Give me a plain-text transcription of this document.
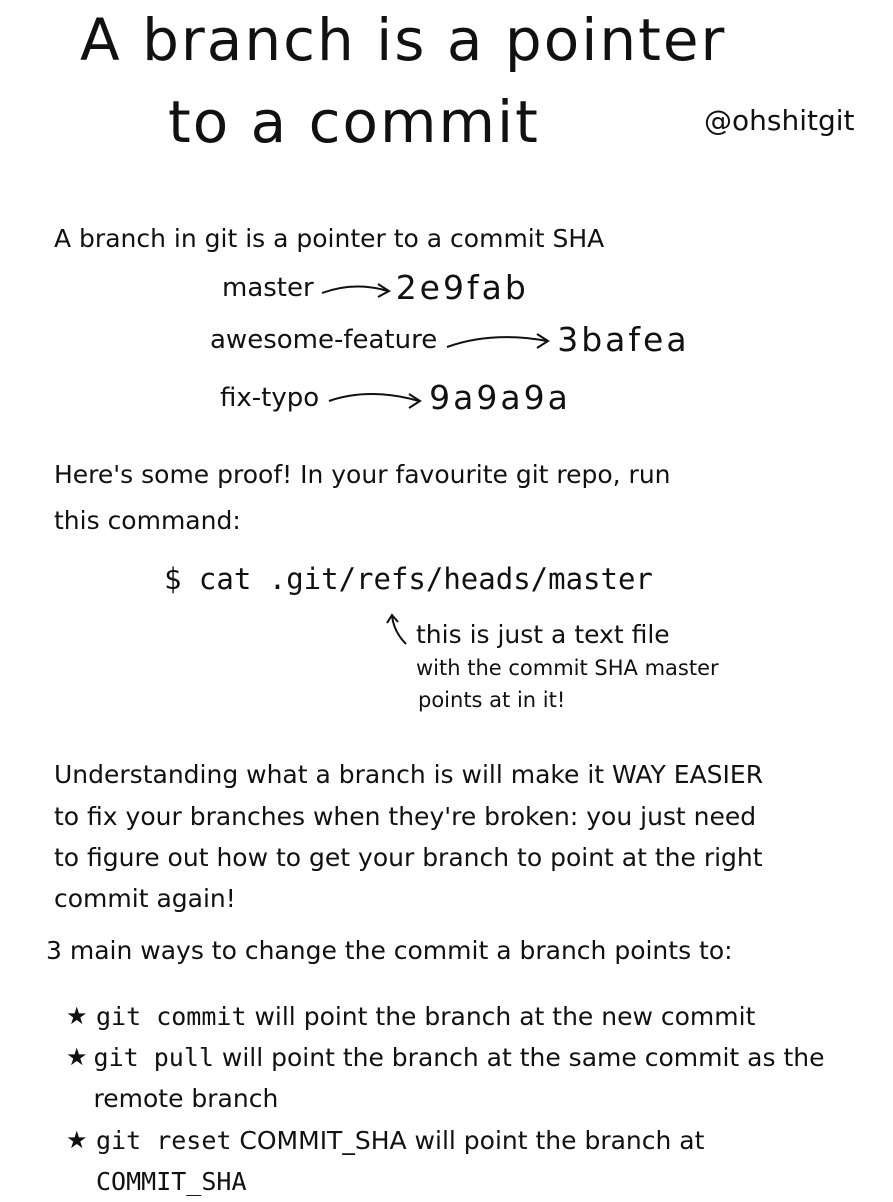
A branch is a pointer
to a commit	@ohshitgit
A branch in git is a pointer to a commit SHA
master 2e9fab
awesome-feature	3bafea
fix-typo	9a9a9a
Here's some proof! In your favourite git repo, run
this command:
$ cat .git/refs/heads/master
this is just a text file
with the commit SHA master
points at in it!
Understanding what a branch is will make it WAY EASIER
to fix your branches when they're broken: you just need
to figure out how to get your branch to point at the right
commit again!
3 main ways to change the commit a branch points to:
★ git commit will point the branch at the new commit
★ git pull will point the branch at the same commit as the remote branch
★ git reset COMMIT_SHA will point the branch at
COMMIT_SHA
